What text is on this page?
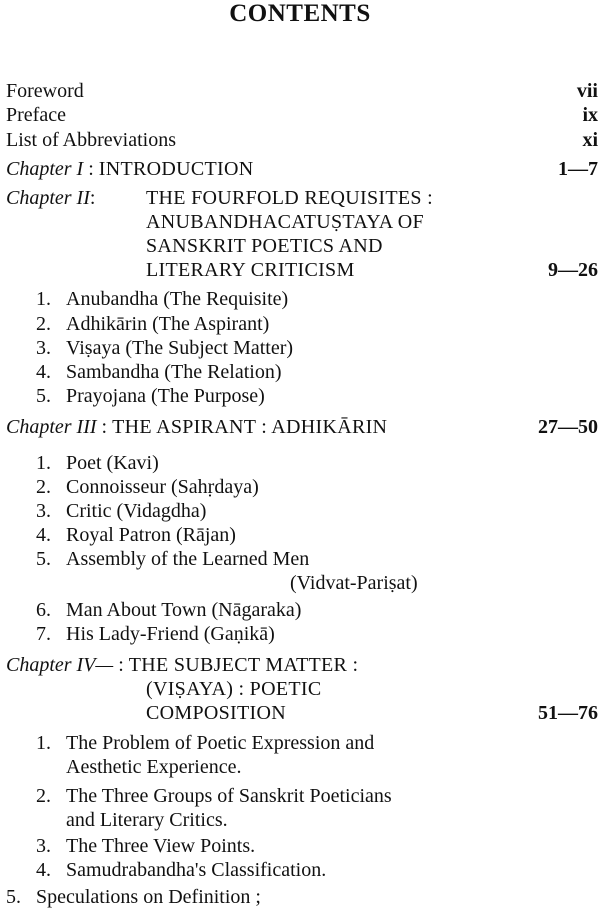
CONTENTS
Foreword	vii
Preface	ix
List of Abbreviations	xi
Chapter I : INTRODUCTION	1—7
Chapter II:	THE FOURFOLD REQUISITES :
ANUBANDHACATUṢTAYA OF
SANSKRIT POETICS AND
LITERARY CRITICISM	9—26
1. Anubandha (The Requisite)
2. Adhikārin (The Aspirant)
3. Viṣaya (The Subject Matter)
4. Sambandha (The Relation)
5. Prayojana (The Purpose)
Chapter III : THE ASPIRANT : ADHIKĀRIN	27—50
1. Poet (Kavi)
2. Connoisseur (Sahṛdaya)
3. Critic (Vidagdha)
4. Royal Patron (Rājan)
5. Assembly of the Learned Men
(Vidvat-Pariṣat)
6. Man About Town (Nāgaraka)
7. His Lady-Friend (Gaṇikā)
Chapter IV— : THE SUBJECT MATTER :
(VIṢAYA) : POETIC
COMPOSITION	51—76
1. The Problem of Poetic Expression and
Aesthetic Experience.
2. The Three Groups of Sanskrit Poeticians
and Literary Critics.
3. The Three View Points.
4. Samudrabandha's Classification.
5. Speculations on Definition ;
